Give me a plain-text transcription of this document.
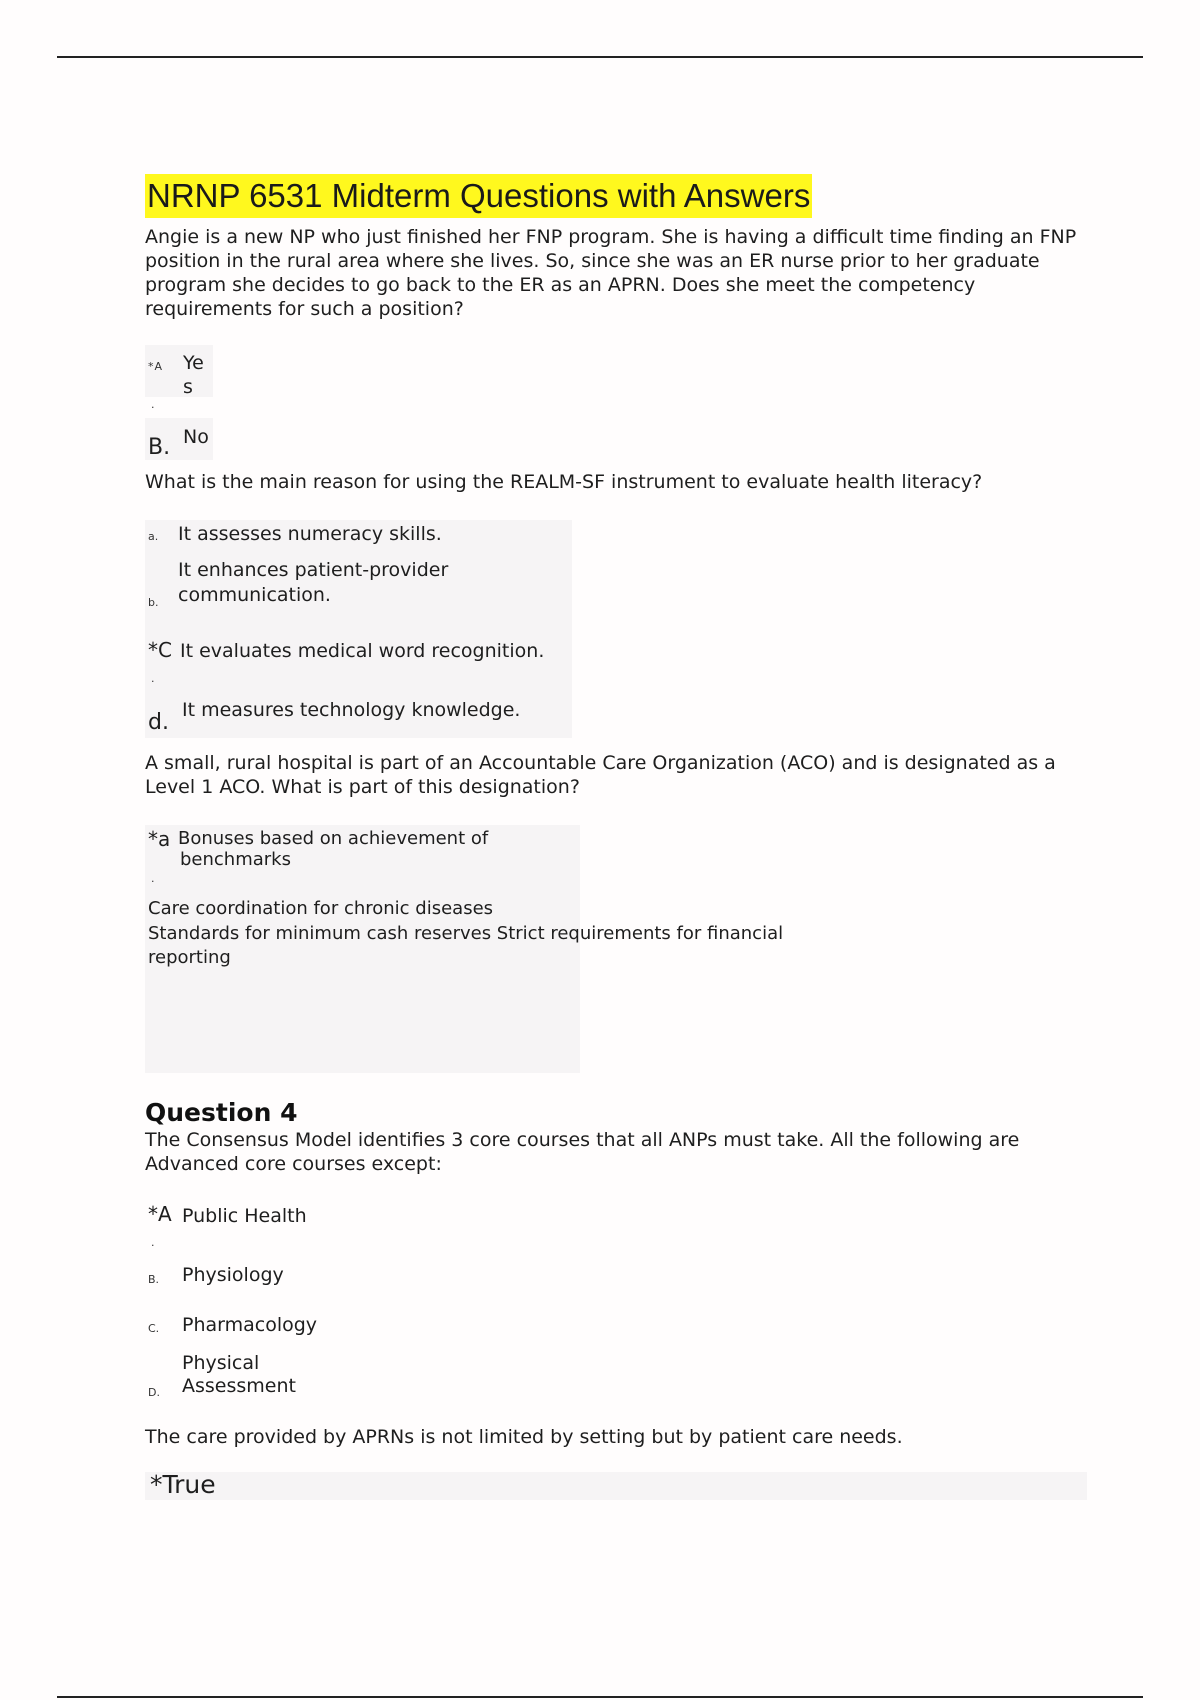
NRNP 6531 Midterm Questions with Answers
Angie is a new NP who just finished her FNP program. She is having a difficult time finding an FNP position in the rural area where she lives. So, since she was an ER nurse prior to her graduate program she decides to go back to the ER as an APRN. Does she meet the competency requirements for such a position?
*A Ye
s
.
B. No
What is the main reason for using the REALM-SF instrument to evaluate health literacy?
a. It assesses numeracy skills.
b.
It enhances patient-provider
communication.
*C It evaluates medical word recognition.
.
d. It measures technology knowledge.
A small, rural hospital is part of an Accountable Care Organization (ACO) and is designated as a Level 1 ACO. What is part of this designation?
*a Bonuses based on achievement of
benchmarks
.
Care coordination for chronic diseases
Standards for minimum cash reserves Strict requirements for financial
reporting
Question 4
The Consensus Model identifies 3 core courses that all ANPs must take. All the following are Advanced core courses except:
*A Public Health
.
B. Physiology
C. Pharmacology
D.
Physical
Assessment
The care provided by APRNs is not limited by setting but by patient care needs.
*True
